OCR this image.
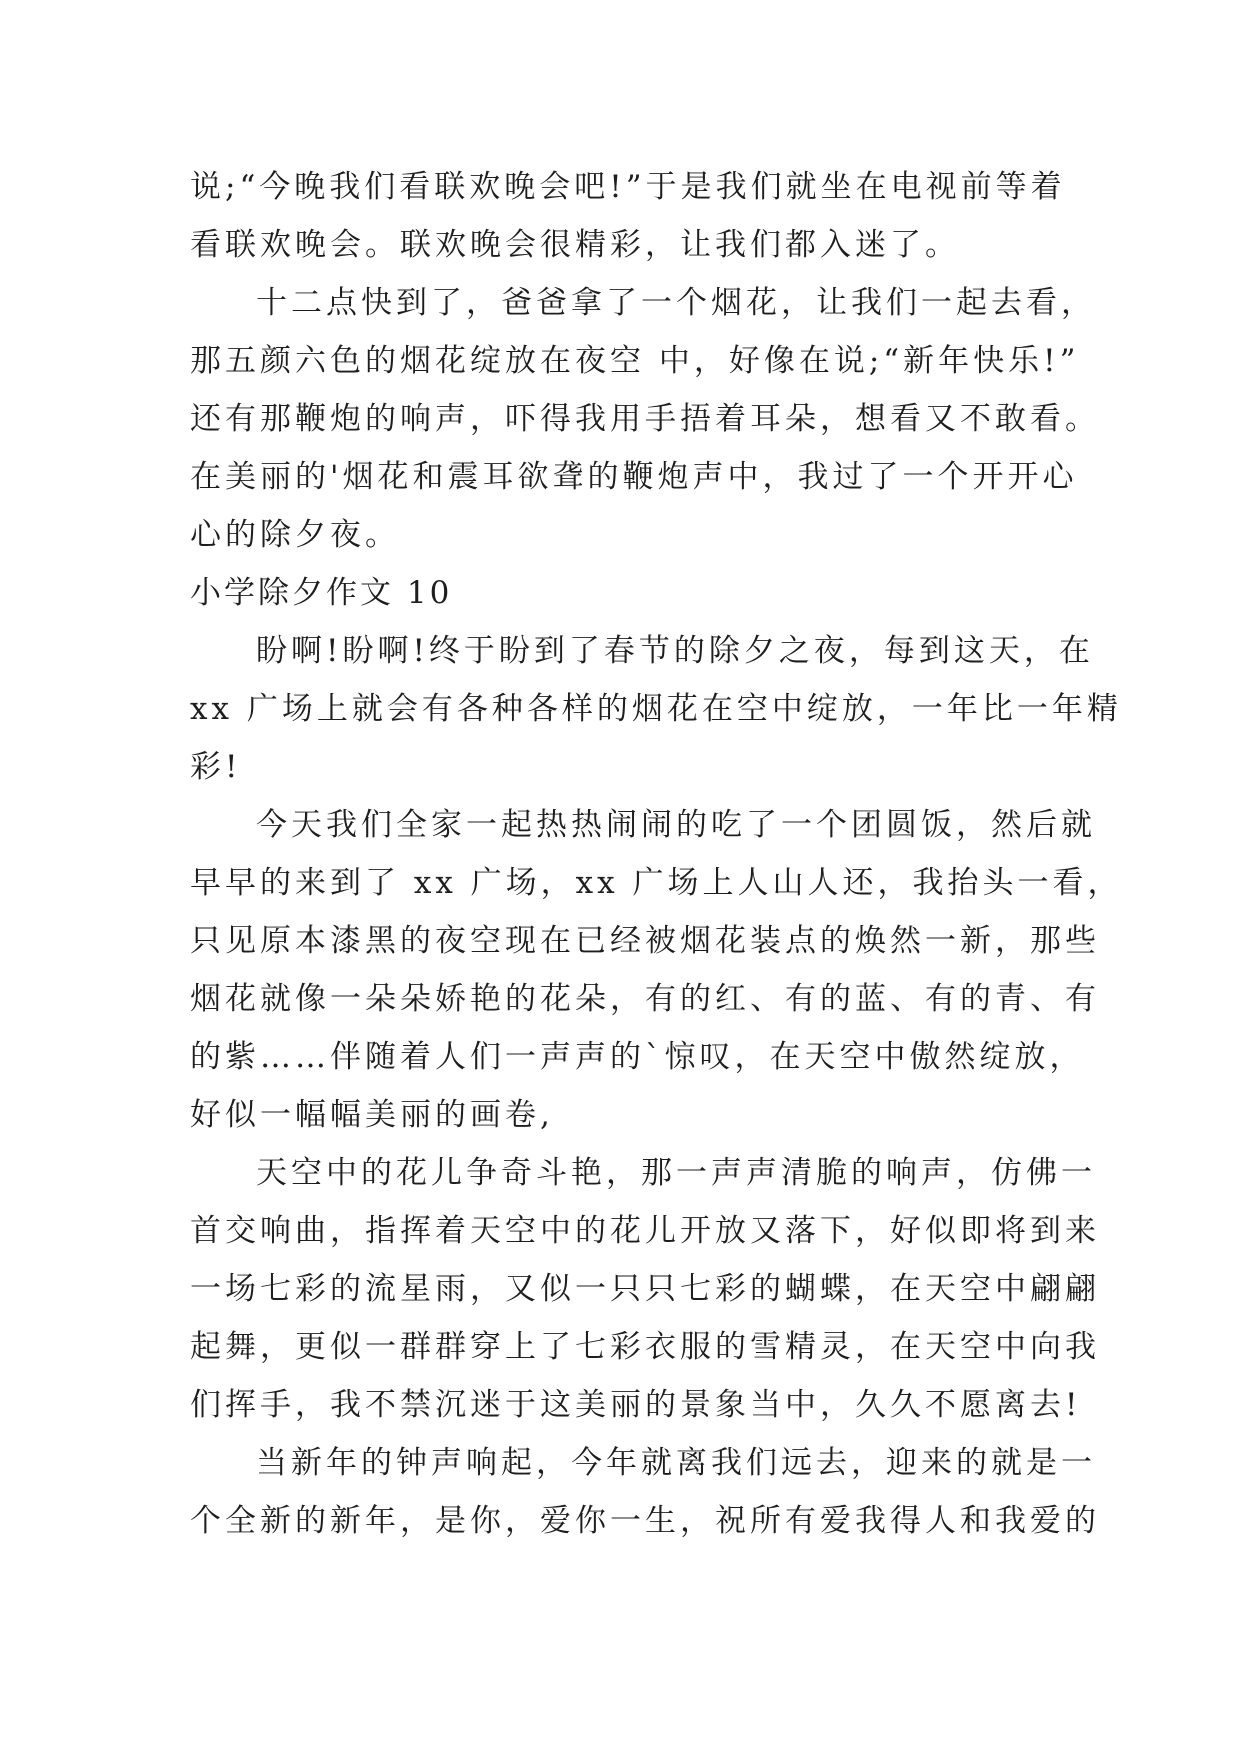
说;“今晚我们看联欢晚会吧!”于是我们就坐在电视前等着
看联欢晚会。联欢晚会很精彩，让我们都入迷了。
十二点快到了，爸爸拿了一个烟花，让我们一起去看，
那五颜六色的烟花绽放在夜空 中，好像在说;“新年快乐!”
还有那鞭炮的响声，吓得我用手捂着耳朵，想看又不敢看。
在美丽的'烟花和震耳欲聋的鞭炮声中，我过了一个开开心
心的除夕夜。
小学除夕作文 10
盼啊!盼啊!终于盼到了春节的除夕之夜，每到这天，在
xx 广场上就会有各种各样的烟花在空中绽放，一年比一年精
彩!
今天我们全家一起热热闹闹的吃了一个团圆饭，然后就
早早的来到了 xx 广场，xx 广场上人山人还，我抬头一看，
只见原本漆黑的夜空现在已经被烟花装点的焕然一新，那些
烟花就像一朵朵娇艳的花朵，有的红、有的蓝、有的青、有
的紫……伴随着人们一声声的`惊叹，在天空中傲然绽放，
好似一幅幅美丽的画卷,
天空中的花儿争奇斗艳，那一声声清脆的响声，仿佛一
首交响曲，指挥着天空中的花儿开放又落下，好似即将到来
一场七彩的流星雨，又似一只只七彩的蝴蝶，在天空中翩翩
起舞，更似一群群穿上了七彩衣服的雪精灵，在天空中向我
们挥手，我不禁沉迷于这美丽的景象当中，久久不愿离去!
当新年的钟声响起，今年就离我们远去，迎来的就是一
个全新的新年，是你，爱你一生，祝所有爱我得人和我爱的
